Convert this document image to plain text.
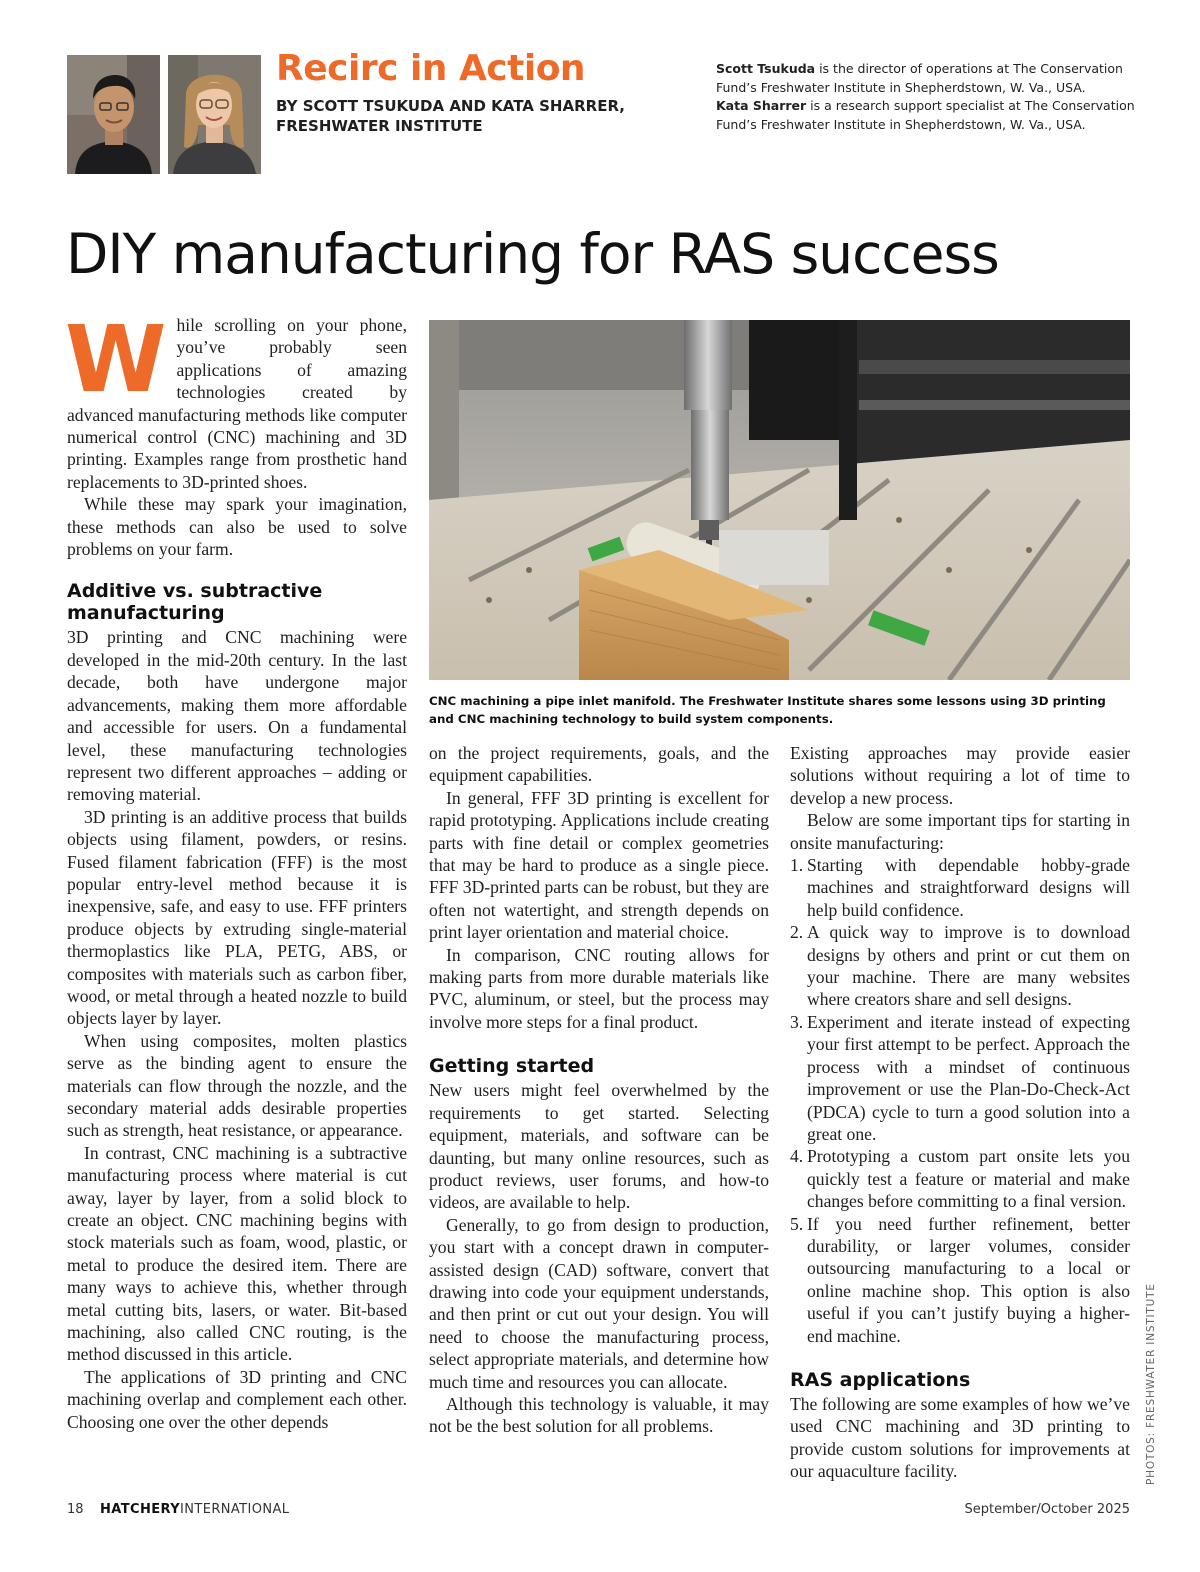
Recirc in Action
BY SCOTT TSUKUDA AND KATA SHARRER,
FRESHWATER INSTITUTE

Scott Tsukuda is the director of operations at The Conservation Fund’s Freshwater Institute in Shepherdstown, W. Va., USA.

Kata Sharrer is a research support specialist at The Conservation Fund’s Freshwater Institute in Shepherdstown, W. Va., USA.

DIY manufacturing for RAS success
W hile scrolling on your phone, you’ve probably seen applications of amazing technologies created by advanced manufacturing methods like computer numerical control (CNC) machining and 3D printing. Examples range from prosthetic hand replacements to 3D-printed shoes.

While these may spark your imagination, these methods can also be used to solve problems on your farm.

Additive vs. subtractive manufacturing

3D printing and CNC machining were developed in the mid-20th century. In the last decade, both have undergone major advancements, making them more affordable and accessible for users. On a fundamental level, these manufacturing technologies represent two different approaches – adding or removing material.

3D printing is an additive process that builds objects using filament, powders, or resins. Fused filament fabrication (FFF) is the most popular entry-level method because it is inexpensive, safe, and easy to use. FFF printers produce objects by extruding single-material thermoplastics like PLA, PETG, ABS, or composites with materials such as carbon fiber, wood, or metal through a heated nozzle to build objects layer by layer.

When using composites, molten plastics serve as the binding agent to ensure the materials can flow through the nozzle, and the secondary material adds desirable properties such as strength, heat resistance, or appearance.

In contrast, CNC machining is a subtractive manufacturing process where material is cut away, layer by layer, from a solid block to create an object. CNC machining begins with stock materials such as foam, wood, plastic, or metal to produce the desired item. There are many ways to achieve this, whether through metal cutting bits, lasers, or water. Bit-based machining, also called CNC routing, is the method discussed in this article.

The applications of 3D printing and CNC machining overlap and complement each other. Choosing one over the other depends

CNC machining a pipe inlet manifold. The Freshwater Institute shares some lessons using 3D printing and CNC machining technology to build system components.

on the project requirements, goals, and the equipment capabilities.

In general, FFF 3D printing is excellent for rapid prototyping. Applications include creating parts with fine detail or complex geometries that may be hard to produce as a single piece. FFF 3D-printed parts can be robust, but they are often not watertight, and strength depends on print layer orientation and material choice.

In comparison, CNC routing allows for making parts from more durable materials like PVC, aluminum, or steel, but the process may involve more steps for a final product.

Getting started

New users might feel overwhelmed by the requirements to get started. Selecting equipment, materials, and software can be daunting, but many online resources, such as product reviews, user forums, and how-to videos, are available to help.

Generally, to go from design to production, you start with a concept drawn in computer-assisted design (CAD) software, convert that drawing into code your equipment understands, and then print or cut out your design. You will need to choose the manufacturing process, select appropriate materials, and determine how much time and resources you can allocate.

Although this technology is valuable, it may not be the best solution for all problems.

Existing approaches may provide easier solutions without requiring a lot of time to develop a new process.

Below are some important tips for starting in onsite manufacturing:

1. Starting with dependable hobby-grade machines and straightforward designs will help build confidence.
2. A quick way to improve is to download designs by others and print or cut them on your machine. There are many websites where creators share and sell designs.
3. Experiment and iterate instead of expecting your first attempt to be perfect. Approach the process with a mindset of continuous improvement or use the Plan-Do-Check-Act (PDCA) cycle to turn a good solution into a great one.
4. Prototyping a custom part onsite lets you quickly test a feature or material and make changes before committing to a final version.
5. If you need further refinement, better durability, or larger volumes, consider outsourcing manufacturing to a local or online machine shop. This option is also useful if you can’t justify buying a higher-end machine.
RAS applications

The following are some examples of how we’ve used CNC machining and 3D printing to provide custom solutions for improvements at our aquaculture facility.	PHOTOS: FRESHWATER INSTITUTE
18 HATCHERYINTERNATIONAL	September/October 2025
